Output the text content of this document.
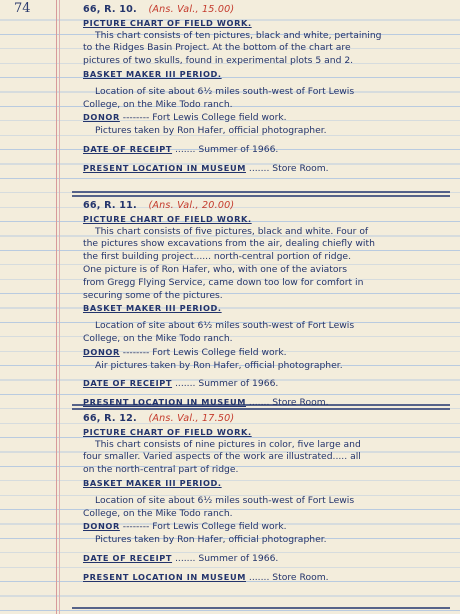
74	66, R. 10. (Ans. Val., 15.00)
PICTURE CHART OF FIELD WORK.
This chart consists of ten pictures, black and white, pertaining
to the Ridges Basin Project. At the bottom of the chart are
pictures of two skulls, found in experimental plots 5 and 2.
BASKET MAKER III PERIOD.
Location of site about 6½ miles south-west of Fort Lewis
College, on the Mike Todo ranch.
DONOR -------- Fort Lewis College field work.
Pictures taken by Ron Hafer, official photographer.
DATE OF RECEIPT ....... Summer of 1966.
PRESENT LOCATION IN MUSEUM ....... Store Room.
66, R. 11. (Ans. Val., 20.00)
PICTURE CHART OF FIELD WORK.
This chart consists of five pictures, black and white. Four of
the pictures show excavations from the air, dealing chiefly with
the first building project...... north-central portion of ridge.
One picture is of Ron Hafer, who, with one of the aviators
from Gregg Flying Service, came down too low for comfort in
securing some of the pictures.
BASKET MAKER III PERIOD.
Location of site about 6½ miles south-west of Fort Lewis
College, on the Mike Todo ranch.
DONOR -------- Fort Lewis College field work.
Air pictures taken by Ron Hafer, official photographer.
DATE OF RECEIPT ....... Summer of 1966.
PRESENT LOCATION IN MUSEUM ....... Store Room.
66, R. 12. (Ans. Val., 17.50)
PICTURE CHART OF FIELD WORK.
This chart consists of nine pictures in color, five large and
four smaller. Varied aspects of the work are illustrated..... all
on the north-central part of ridge.
BASKET MAKER III PERIOD.
Location of site about 6½ miles south-west of Fort Lewis
College, on the Mike Todo ranch.
DONOR -------- Fort Lewis College field work.
Pictures taken by Ron Hafer, official photographer.
DATE OF RECEIPT ....... Summer of 1966.
PRESENT LOCATION IN MUSEUM ....... Store Room.
